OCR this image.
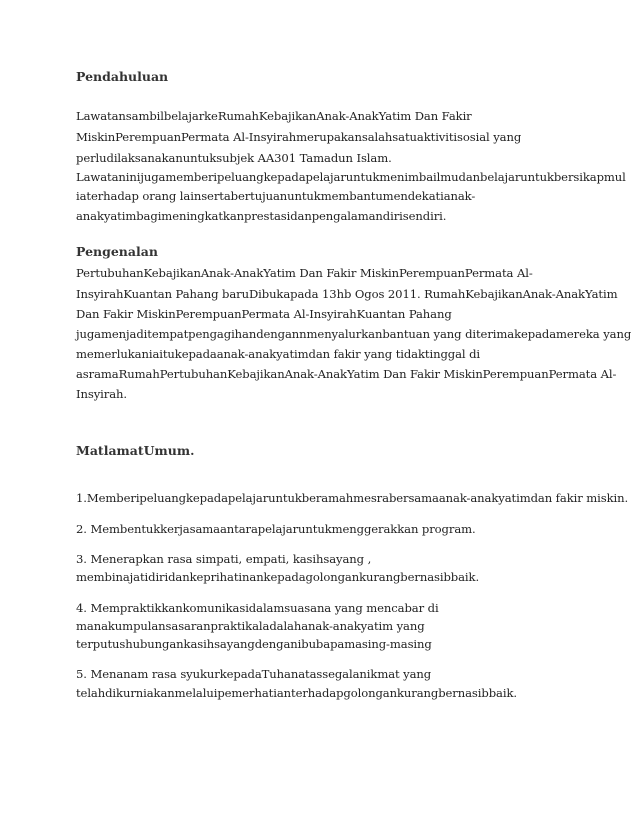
Pendahuluan
LawatansambilbelajarkeRumahKebajikanAnak-AnakYatim Dan Fakir
MiskinPerempuanPermata Al-Insyirahmerupakansalahsatuaktivitisosial yang
perludilaksanakanuntuksubjek AA301 Tamadun Islam.
Lawataninijugamemberipeluangkepadapelajaruntukmenimbailmudanbelajaruntukbersikapmul
iaterhadap orang lainsertabertujuanuntukmembantumendekatianak-
anakyatimbagimeningkatkanprestasidanpengalamandirisendiri.
Pengenalan
PertubuhanKebajikanAnak-AnakYatim Dan Fakir MiskinPerempuanPermata Al-
InsyirahKuantan Pahang baruDibukapada 13hb Ogos 2011. RumahKebajikanAnak-AnakYatim
Dan Fakir MiskinPerempuanPermata Al-InsyirahKuantan Pahang
jugamenjaditempatpengagihandengannmenyalurkanbantuan yang diterimakepadamereka yang
memerlukaniaitukepadaanak-anakyatimdan fakir yang tidaktinggal di
asramaRumahPertubuhanKebajikanAnak-AnakYatim Dan Fakir MiskinPerempuanPermata Al-
Insyirah.
MatlamatUmum.
1.Memberipeluangkepadapelajaruntukberamahmesrabersamaanak-anakyatimdan fakir miskin.
2. Membentukkerjasamaantarapelajaruntukmenggerakkan program.
3. Menerapkan rasa simpati, empati, kasihsayang ,
membinajatidiridankeprihatinankepadagolongankurangbernasibbaik.
4. Mempraktikkankomunikasidalamsuasana yang mencabar di
manakumpulansasaranpraktikaladalahanak-anakyatim yang
terputushubungankasihsayangdenganibubapamasing-masing
5. Menanam rasa syukurkepadaTuhanatassegalanikmat yang
telahdikurniakanmelaluipemerhatianterhadapgolongankurangbernasibbaik.
